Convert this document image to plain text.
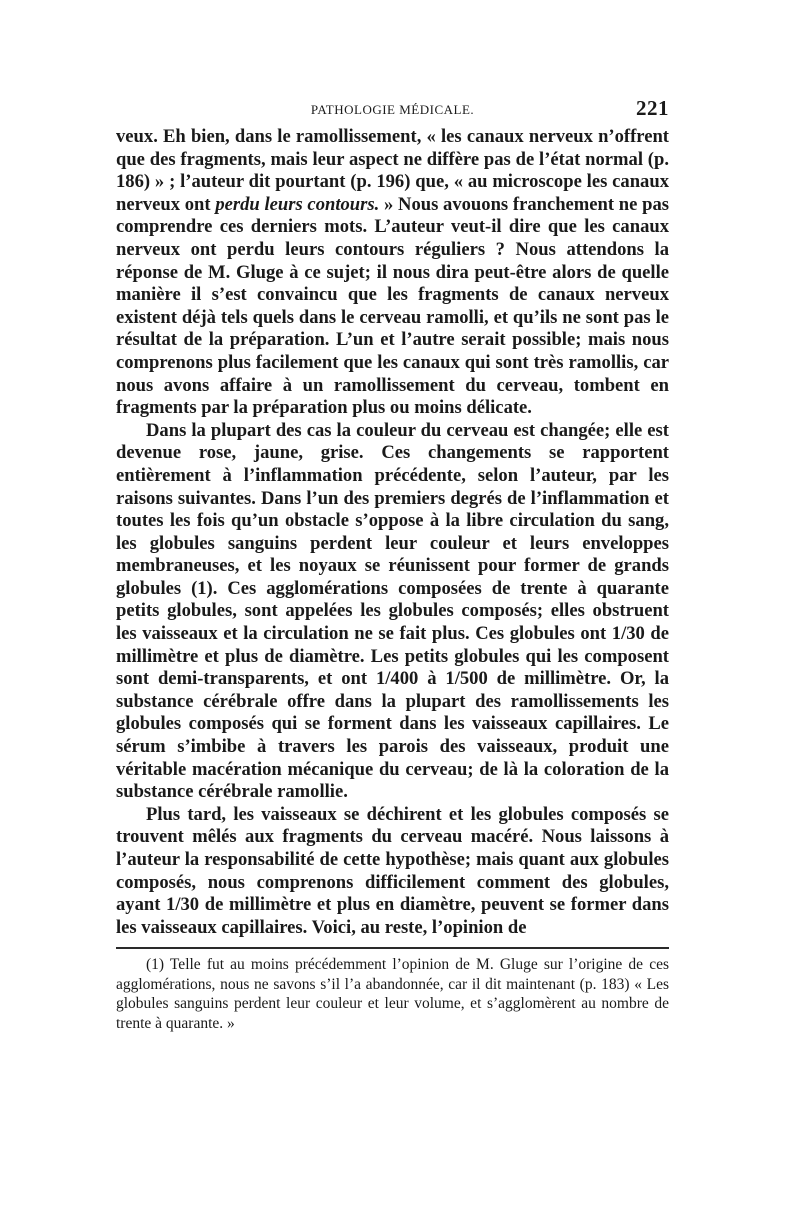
PATHOLOGIE MÉDICALE.	221

veux. Eh bien, dans le ramollissement, « les canaux nerveux n’offrent que des fragments, mais leur aspect ne diffère pas de l’état normal (p. 186) » ; l’auteur dit pourtant (p. 196) que, « au microscope les canaux nerveux ont perdu leurs contours. » Nous avouons franchement ne pas comprendre ces derniers mots. L’auteur veut-il dire que les canaux nerveux ont perdu leurs contours réguliers ? Nous attendons la réponse de M. Gluge à ce sujet; il nous dira peut-être alors de quelle manière il s’est convaincu que les fragments de canaux nerveux existent déjà tels quels dans le cerveau ramolli, et qu’ils ne sont pas le résultat de la préparation. L’un et l’autre serait possible; mais nous comprenons plus facilement que les canaux qui sont très ramollis, car nous avons affaire à un ramollissement du cerveau, tombent en fragments par la préparation plus ou moins délicate.

Dans la plupart des cas la couleur du cerveau est changée; elle est devenue rose, jaune, grise. Ces changements se rapportent entièrement à l’inflammation précédente, selon l’auteur, par les raisons suivantes. Dans l’un des premiers degrés de l’inflammation et toutes les fois qu’un obstacle s’oppose à la libre circulation du sang, les globules sanguins perdent leur couleur et leurs enveloppes membraneuses, et les noyaux se réunissent pour former de grands globules (1). Ces agglomérations composées de trente à quarante petits globules, sont appelées les globules composés; elles obstruent les vaisseaux et la circulation ne se fait plus. Ces globules ont 1/30 de millimètre et plus de diamètre. Les petits globules qui les composent sont demi-transparents, et ont 1/400 à 1/500 de millimètre. Or, la substance cérébrale offre dans la plupart des ramollissements les globules composés qui se forment dans les vaisseaux capillaires. Le sérum s’imbibe à travers les parois des vaisseaux, produit une véritable macération mécanique du cerveau; de là la coloration de la substance cérébrale ramollie.

Plus tard, les vaisseaux se déchirent et les globules composés se trouvent mêlés aux fragments du cerveau macéré. Nous laissons à l’auteur la responsabilité de cette hypothèse; mais quant aux globules composés, nous comprenons difficilement comment des globules, ayant 1/30 de millimètre et plus en diamètre, peuvent se former dans les vaisseaux capillaires. Voici, au reste, l’opinion de

(1) Telle fut au moins précédemment l’opinion de M. Gluge sur l’origine de ces agglomérations, nous ne savons s’il l’a abandonnée, car il dit maintenant (p. 183) « Les globules sanguins perdent leur couleur et leur volume, et s’agglomèrent au nombre de trente à quarante. »
